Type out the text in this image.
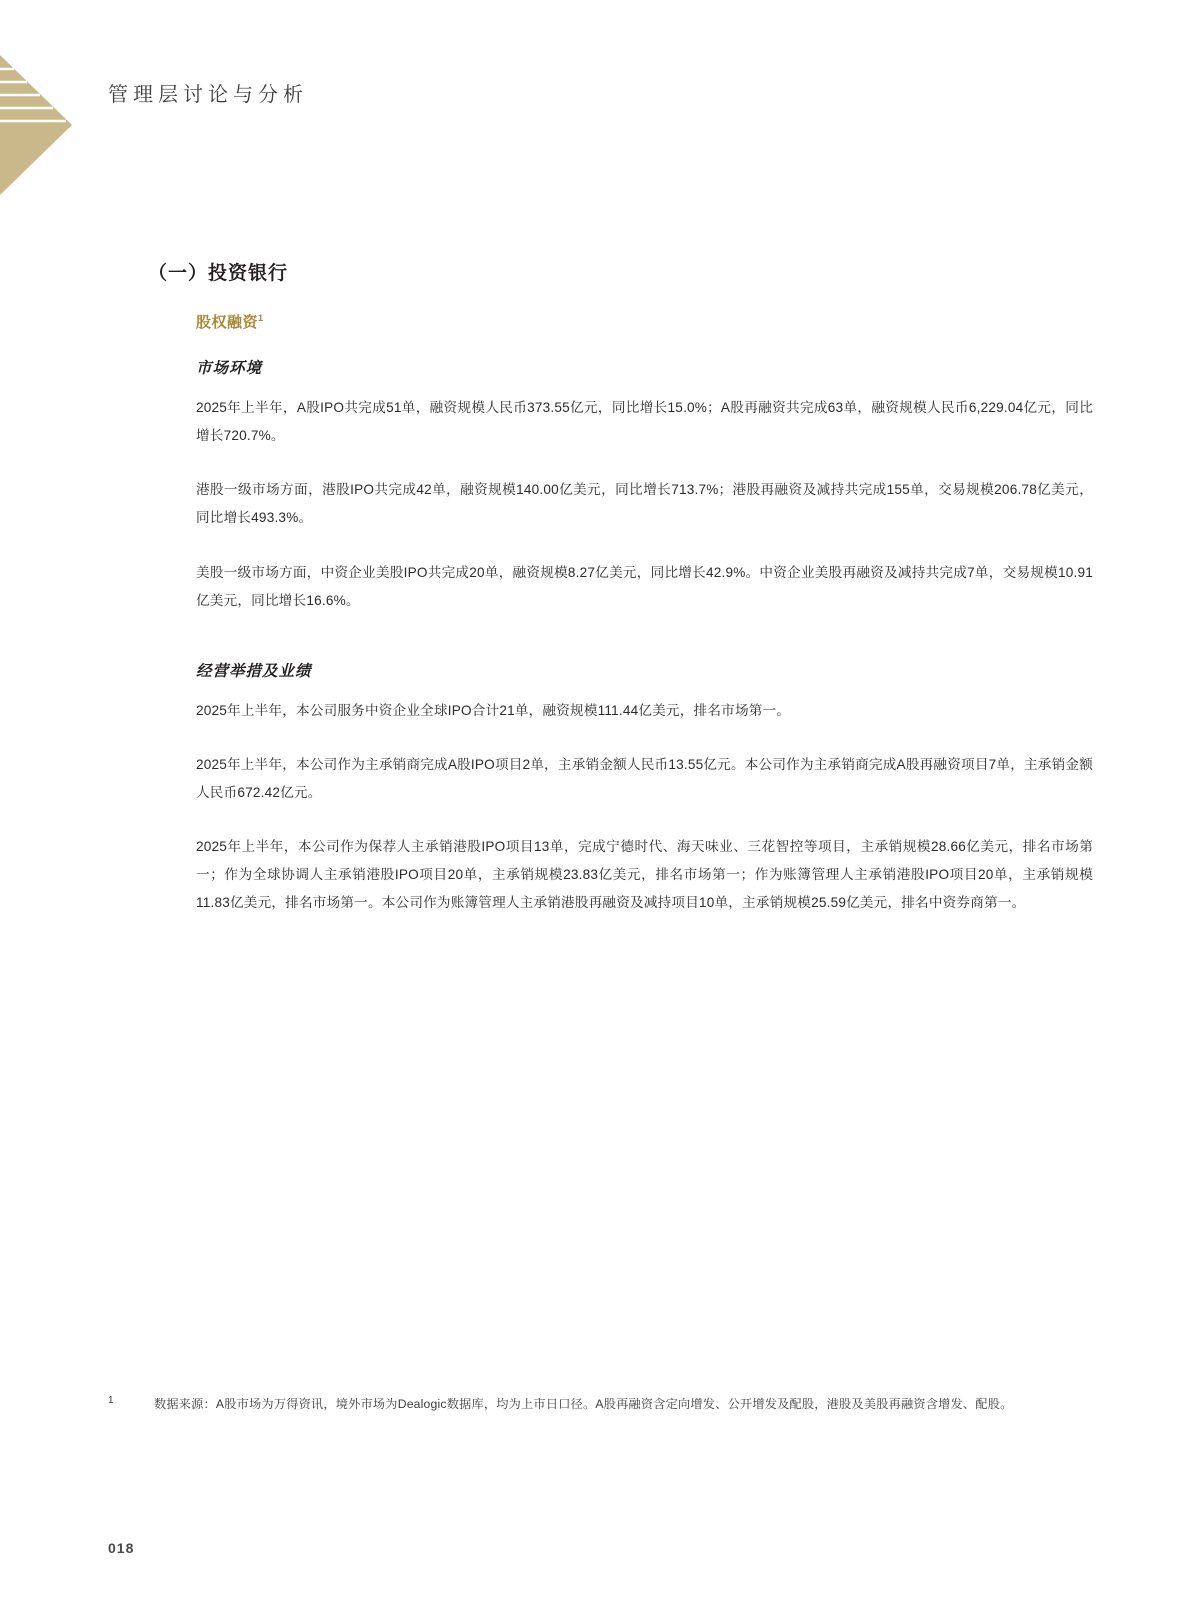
管理层讨论与分析
（一）投资银行
股权融资$^1$
市场环境

2025年上半年，A股IPO共完成51单，融资规模人民币373.55亿元，同比增长15.0%；A股再融资共完成63单，融资规模人民币6,229.04亿元，同比增长720.7%。

港股一级市场方面，港股IPO共完成42单，融资规模140.00亿美元，同比增长713.7%；港股再融资及减持共完成155单，交易规模206.78亿美元，同比增长493.3%。

美股一级市场方面，中资企业美股IPO共完成20单，融资规模8.27亿美元，同比增长42.9%。中资企业美股再融资及减持共完成7单，交易规模10.91亿美元，同比增长16.6%。

经营举措及业绩

2025年上半年，本公司服务中资企业全球IPO合计21单，融资规模111.44亿美元，排名市场第一。

2025年上半年，本公司作为主承销商完成A股IPO项目2单，主承销金额人民币13.55亿元。本公司作为主承销商完成A股再融资项目7单，主承销金额人民币672.42亿元。

2025年上半年，本公司作为保荐人主承销港股IPO项目13单，完成宁德时代、海天味业、三花智控等项目，主承销规模28.66亿美元，排名市场第一；作为全球协调人主承销港股IPO项目20单，主承销规模23.83亿美元，排名市场第一；作为账簿管理人主承销港股IPO项目20单，主承销规模11.83亿美元，排名市场第一。本公司作为账簿管理人主承销港股再融资及减持项目10单，主承销规模25.59亿美元，排名中资券商第一。

1	数据来源：A股市场为万得资讯，境外市场为Dealogic数据库，均为上市日口径。A股再融资含定向增发、公开增发及配股，港股及美股再融资含增发、配股。
018
